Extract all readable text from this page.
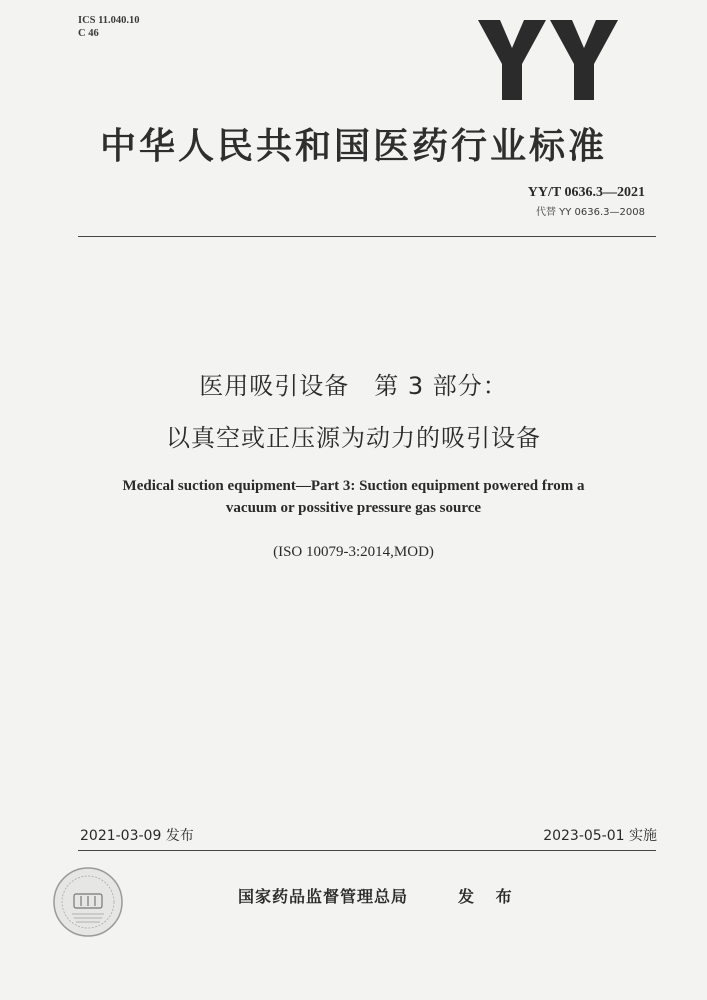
ICS 11.040.10
C 46
中华人民共和国医药行业标准
YY/T 0636.3—2021
代替 YY 0636.3—2008
医用吸引设备　第 3 部分：
以真空或正压源为动力的吸引设备
Medical suction equipment—Part 3: Suction equipment powered from a
vacuum or possitive pressure gas source
(ISO 10079-3:2014,MOD)
2021-03-09 发布	2023-05-01 实施
国家药品监督管理总局	发 布
